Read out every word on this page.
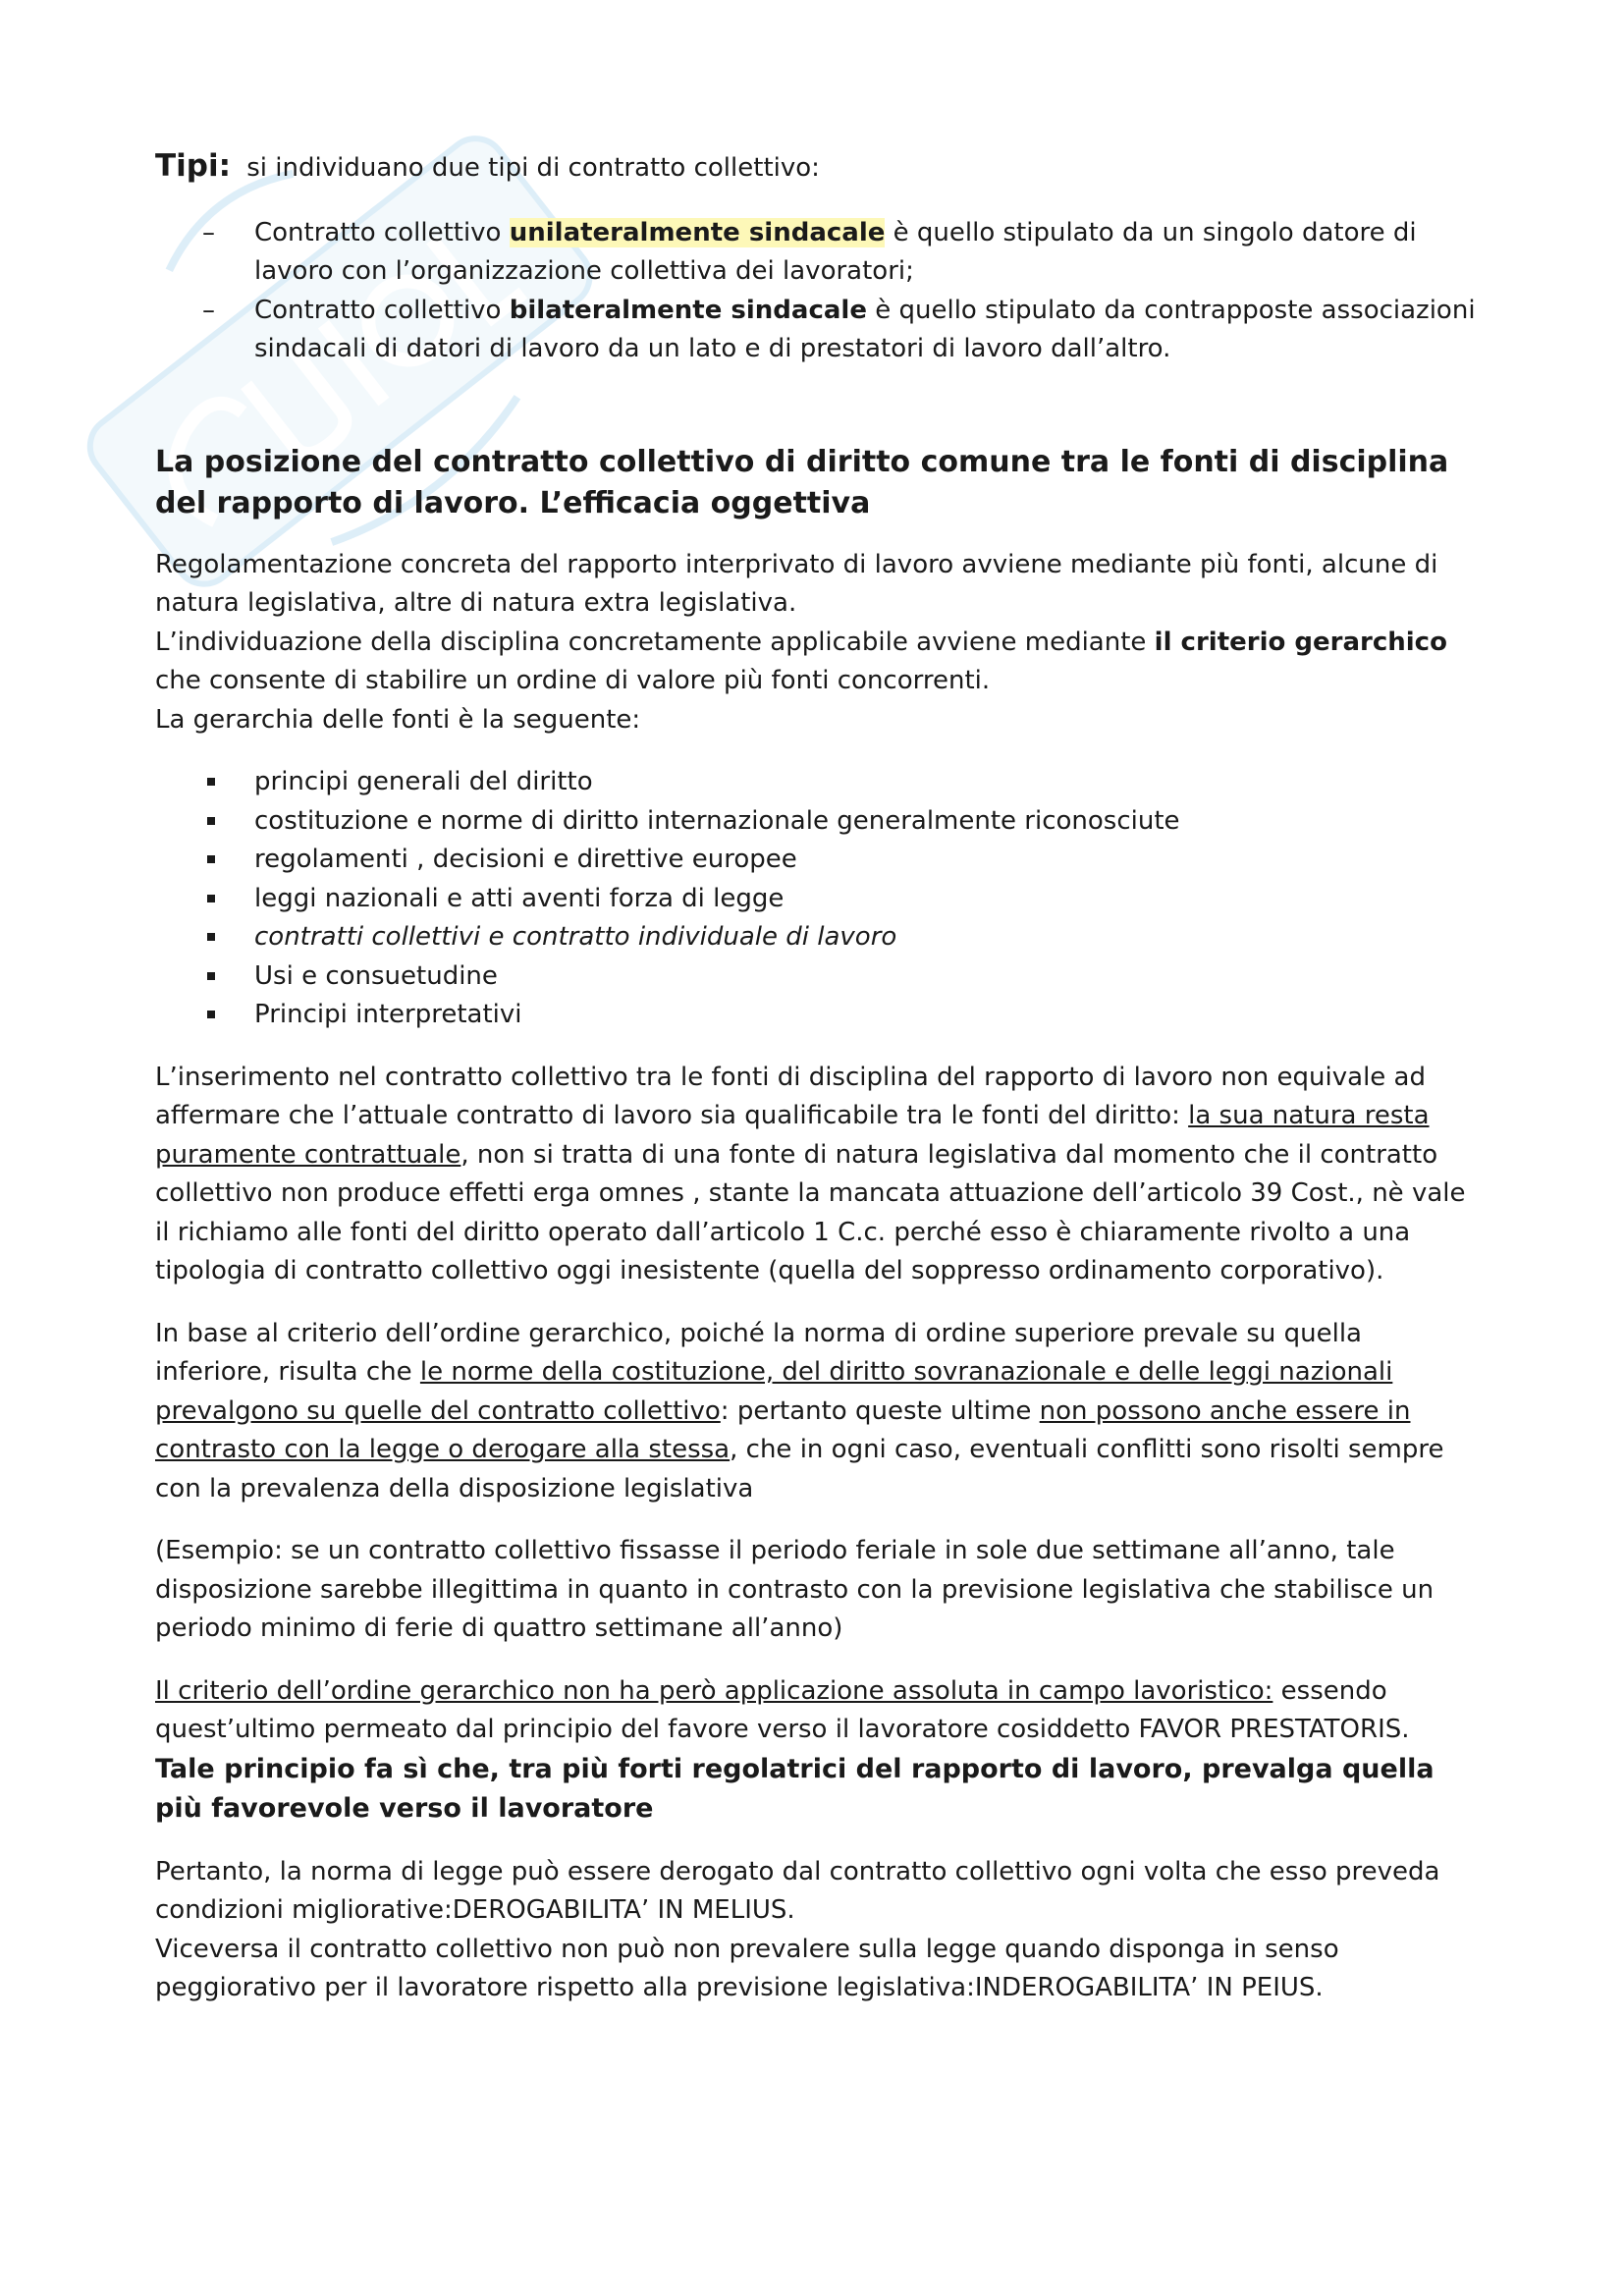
Tipi: si individuano due tipi di contratto collettivo:

– Contratto collettivo unilateralmente sindacale è quello stipulato da un singolo datore di lavoro con l’organizzazione collettiva dei lavoratori;
– Contratto collettivo bilateralmente sindacale è quello stipulato da contrapposte associazioni sindacali di datori di lavoro da un lato e di prestatori di lavoro dall’altro.
La posizione del contratto collettivo di diritto comune tra le fonti di disciplina del rapporto di lavoro. L’efficacia oggettiva

Regolamentazione concreta del rapporto interprivato di lavoro avviene mediante più fonti, alcune di natura legislativa, altre di natura extra legislativa.
L’individuazione della disciplina concretamente applicabile avviene mediante il criterio gerarchico che consente di stabilire un ordine di valore più fonti concorrenti.
La gerarchia delle fonti è la seguente:

principi generali del diritto
costituzione e norme di diritto internazionale generalmente riconosciute
regolamenti , decisioni e direttive europee
leggi nazionali e atti aventi forza di legge
contratti collettivi e contratto individuale di lavoro
Usi e consuetudine
Principi interpretativi

L’inserimento nel contratto collettivo tra le fonti di disciplina del rapporto di lavoro non equivale ad affermare che l’attuale contratto di lavoro sia qualificabile tra le fonti del diritto: la sua natura resta puramente contrattuale, non si tratta di una fonte di natura legislativa dal momento che il contratto collettivo non produce effetti erga omnes , stante la mancata attuazione dell’articolo 39 Cost., nè vale il richiamo alle fonti del diritto operato dall’articolo 1 C.c. perché esso è chiaramente rivolto a una tipologia di contratto collettivo oggi inesistente (quella del soppresso ordinamento corporativo).

In base al criterio dell’ordine gerarchico, poiché la norma di ordine superiore prevale su quella inferiore, risulta che le norme della costituzione, del diritto sovranazionale e delle leggi nazionali prevalgono su quelle del contratto collettivo: pertanto queste ultime non possono anche essere in contrasto con la legge o derogare alla stessa, che in ogni caso, eventuali conflitti sono risolti sempre con la prevalenza della disposizione legislativa

(Esempio: se un contratto collettivo fissasse il periodo feriale in sole due settimane all’anno, tale disposizione sarebbe illegittima in quanto in contrasto con la previsione legislativa che stabilisce un periodo minimo di ferie di quattro settimane all’anno)

Il criterio dell’ordine gerarchico non ha però applicazione assoluta in campo lavoristico: essendo quest’ultimo permeato dal principio del favore verso il lavoratore cosiddetto FAVOR PRESTATORIS.
Tale principio fa sì che, tra più forti regolatrici del rapporto di lavoro, prevalga quella più favorevole verso il lavoratore

Pertanto, la norma di legge può essere derogato dal contratto collettivo ogni volta che esso preveda condizioni migliorative:DEROGABILITA’ IN MELIUS.
Viceversa il contratto collettivo non può non prevalere sulla legge quando disponga in senso peggiorativo per il lavoratore rispetto alla previsione legislativa:INDEROGABILITA’ IN PEIUS.
